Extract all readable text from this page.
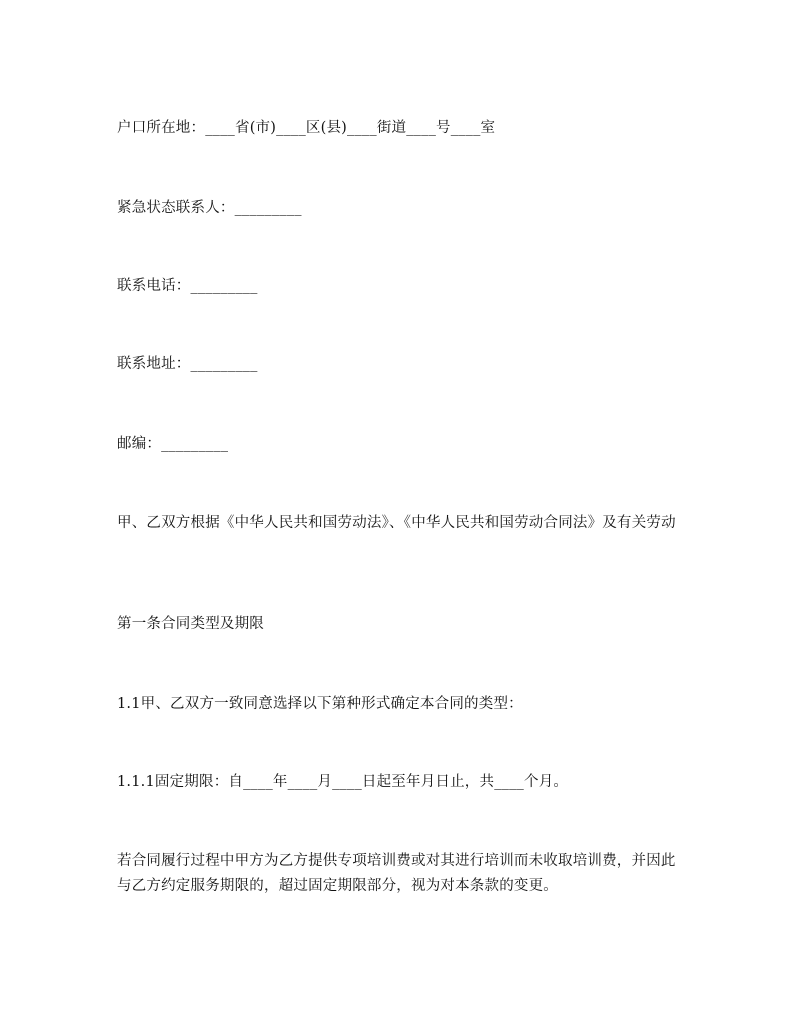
户口所在地：____省(市)____区(县)____街道____号____室

紧急状态联系人：_________

联系电话：_________

联系地址：_________

邮编：_________

甲、乙双方根据《中华人民共和国劳动法》、《中华人民共和国劳动合同法》及有关劳动

第一条合同类型及期限

1.1甲、乙双方一致同意选择以下第种形式确定本合同的类型：

1.1.1固定期限：自____年____月____日起至年月日止，共____个月。

若合同履行过程中甲方为乙方提供专项培训费或对其进行培训而未收取培训费，并因此与乙方约定服务期限的，超过固定期限部分，视为对本条款的变更。
